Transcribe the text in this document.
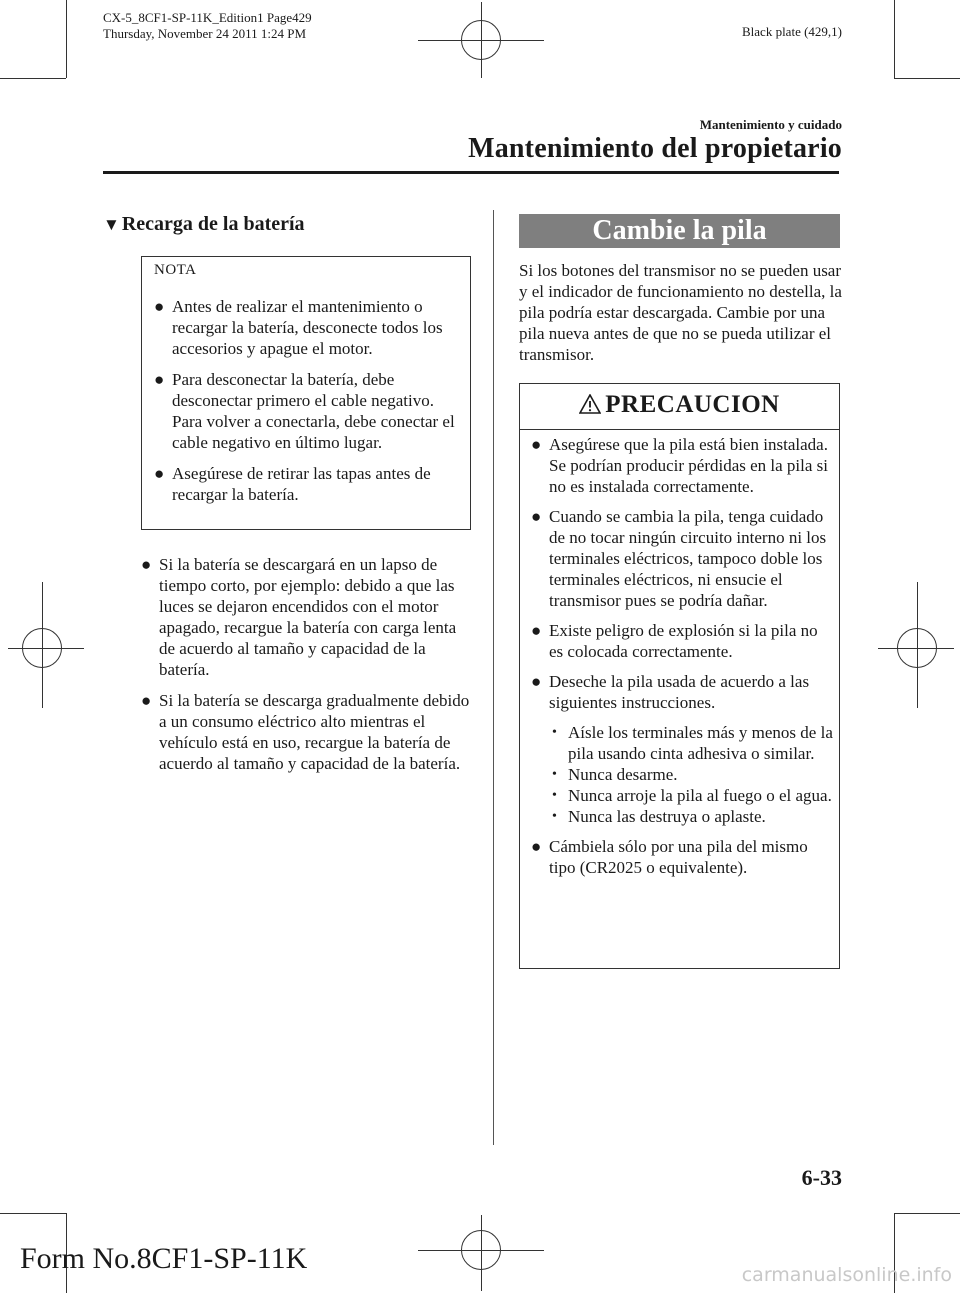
CX-5_8CF1-SP-11K_Edition1 Page429
Thursday, November 24 2011 1:24 PM	Black plate (429,1)
Mantenimiento y cuidado
Mantenimiento del propietario
▼ Recarga de la batería
NOTA
● Antes de realizar el mantenimiento o recargar la batería, desconecte todos los accesorios y apague el motor.
● Para desconectar la batería, debe desconectar primero el cable negativo. Para volver a conectarla, debe conectar el cable negativo en último lugar.
● Asegúrese de retirar las tapas antes de recargar la batería.
● Si la batería se descargará en un lapso de tiempo corto, por ejemplo: debido a que las luces se dejaron encendidos con el motor apagado, recargue la batería con carga lenta de acuerdo al tamaño y capacidad de la batería.
● Si la batería se descarga gradualmente debido a un consumo eléctrico alto mientras el vehículo está en uso, recargue la batería de acuerdo al tamaño y capacidad de la batería.
Cambie la pila
Si los botones del transmisor no se pueden usar y el indicador de funcionamiento no destella, la pila podría estar descargada. Cambie por una pila nueva antes de que no se pueda utilizar el transmisor.
PRECAUCION
● Asegúrese que la pila está bien instalada. Se podrían producir pérdidas en la pila si no es instalada correctamente.
● Cuando se cambia la pila, tenga cuidado de no tocar ningún circuito interno ni los terminales eléctricos, tampoco doble los terminales eléctricos, ni ensucie el transmisor pues se podría dañar.
● Existe peligro de explosión si la pila no es colocada correctamente.
● Deseche la pila usada de acuerdo a las siguientes instrucciones.
• Aísle los terminales más y menos de la pila usando cinta adhesiva o similar.
• Nunca desarme.
• Nunca arroje la pila al fuego o el agua.
• Nunca las destruya o aplaste.
● Cámbiela sólo por una pila del mismo tipo (CR2025 o equivalente).
6-33
Form No.8CF1-SP-11K	carmanualsonline.info
